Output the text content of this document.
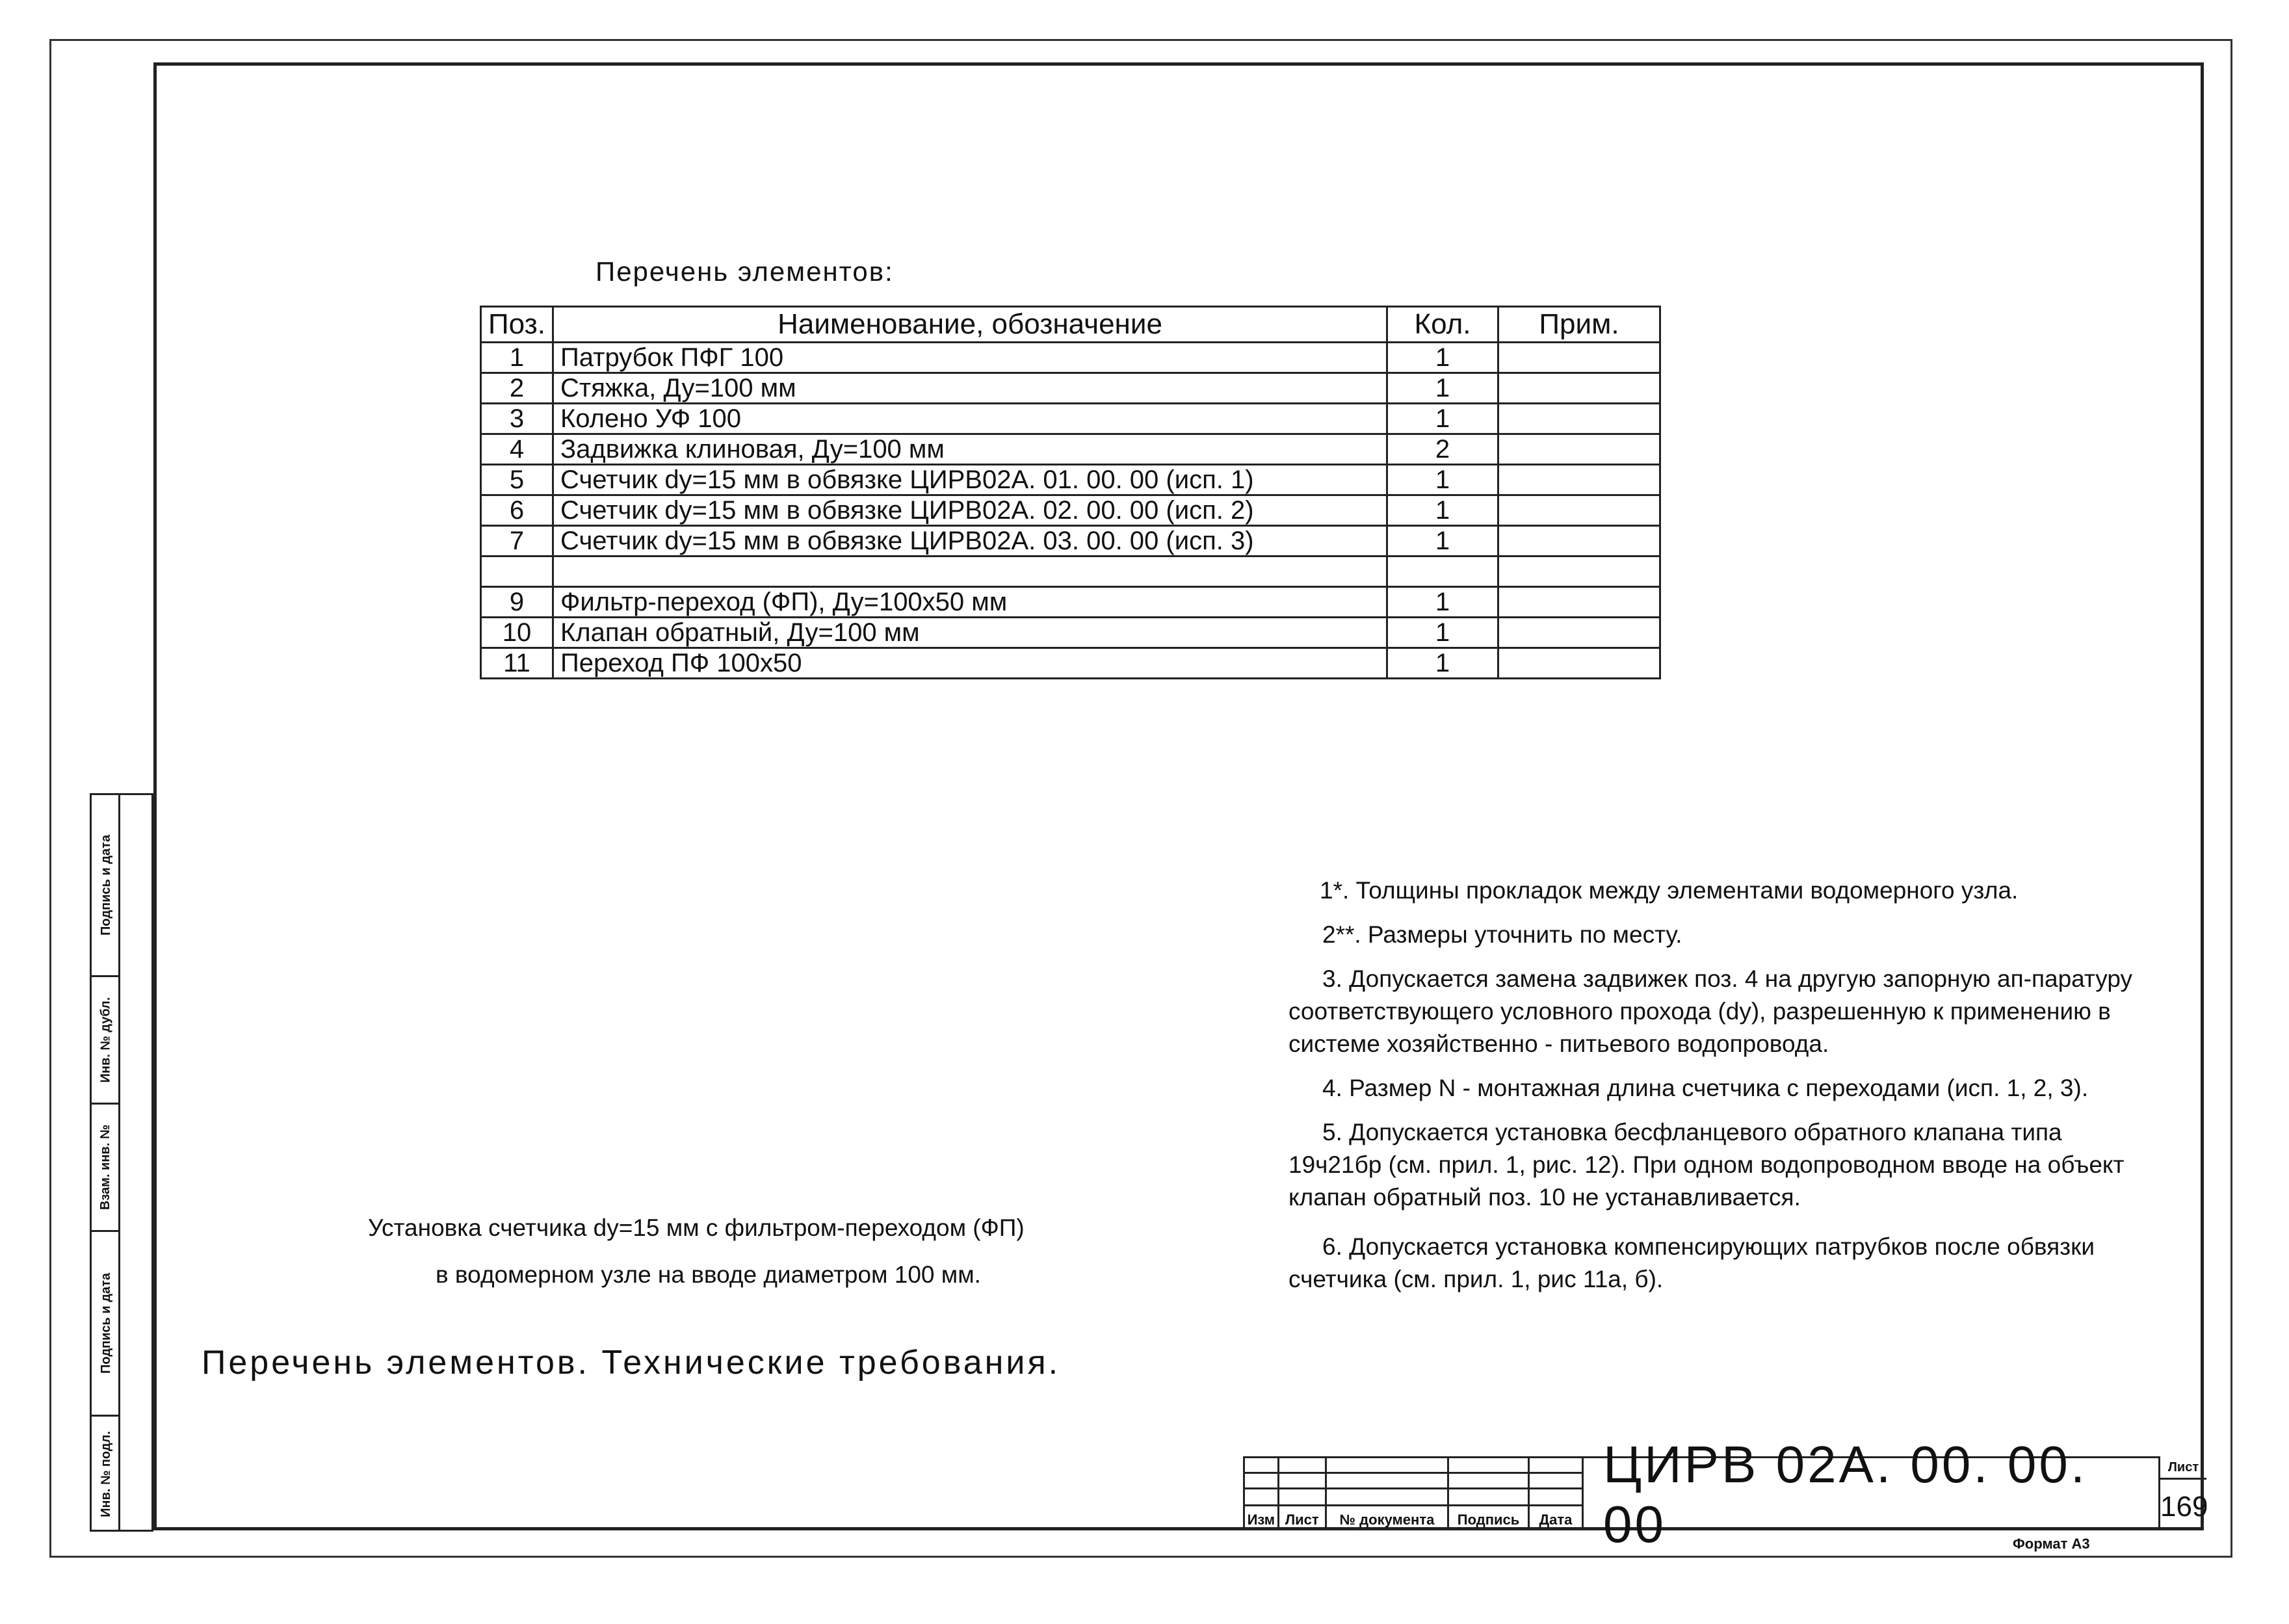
Подпись и дата
Инв. № дубл.
Взам. инв. №
Подпись и дата
Инв. № подл.
Перечень элементов:
Поз.	Наименование, обозначение	Кол.	Прим.
1	Патрубок ПФГ 100	1	
2	Стяжка, Ду=100 мм	1	
3	Колено УФ 100	1	
4	Задвижка клиновая, Ду=100 мм	2	
5	Счетчик dy=15 мм в обвязке ЦИРВ02А. 01. 00. 00 (исп. 1)	1	
6	Счетчик dy=15 мм в обвязке ЦИРВ02А. 02. 00. 00 (исп. 2)	1	
7	Счетчик dy=15 мм в обвязке ЦИРВ02А. 03. 00. 00 (исп. 3)	1	

9	Фильтр-переход (ФП), Ду=100х50 мм	1	
10	Клапан обратный, Ду=100 мм	1	
11	Переход ПФ 100х50	1	

1*. Толщины прокладок между элементами водомерного узла.

2**. Размеры уточнить по месту.

3. Допускается замена задвижек поз. 4 на другую запорную ап-паратуру соответствующего условного прохода (dy), разрешенную к применению в системе хозяйственно - питьевого водопровода.

4. Размер N - монтажная длина счетчика с переходами (исп. 1, 2, 3).

5. Допускается установка бесфланцевого обратного клапана типа 19ч21бр (см. прил. 1, рис. 12). При одном водопроводном вводе на объект клапан обратный поз. 10 не устанавливается.

6. Допускается установка компенсирующих патрубков после обвязки счетчика (см. прил. 1, рис 11а, б).

Установка счетчика dy=15 мм с фильтром-переходом (ФП)
в водомерном узле на вводе диаметром 100 мм.
Перечень элементов. Технические требования.

Изм	Лист	№ документа	Подпись	Дата
ЦИРВ 02А. 00. 00. 00
Лист
169
Формат А3
